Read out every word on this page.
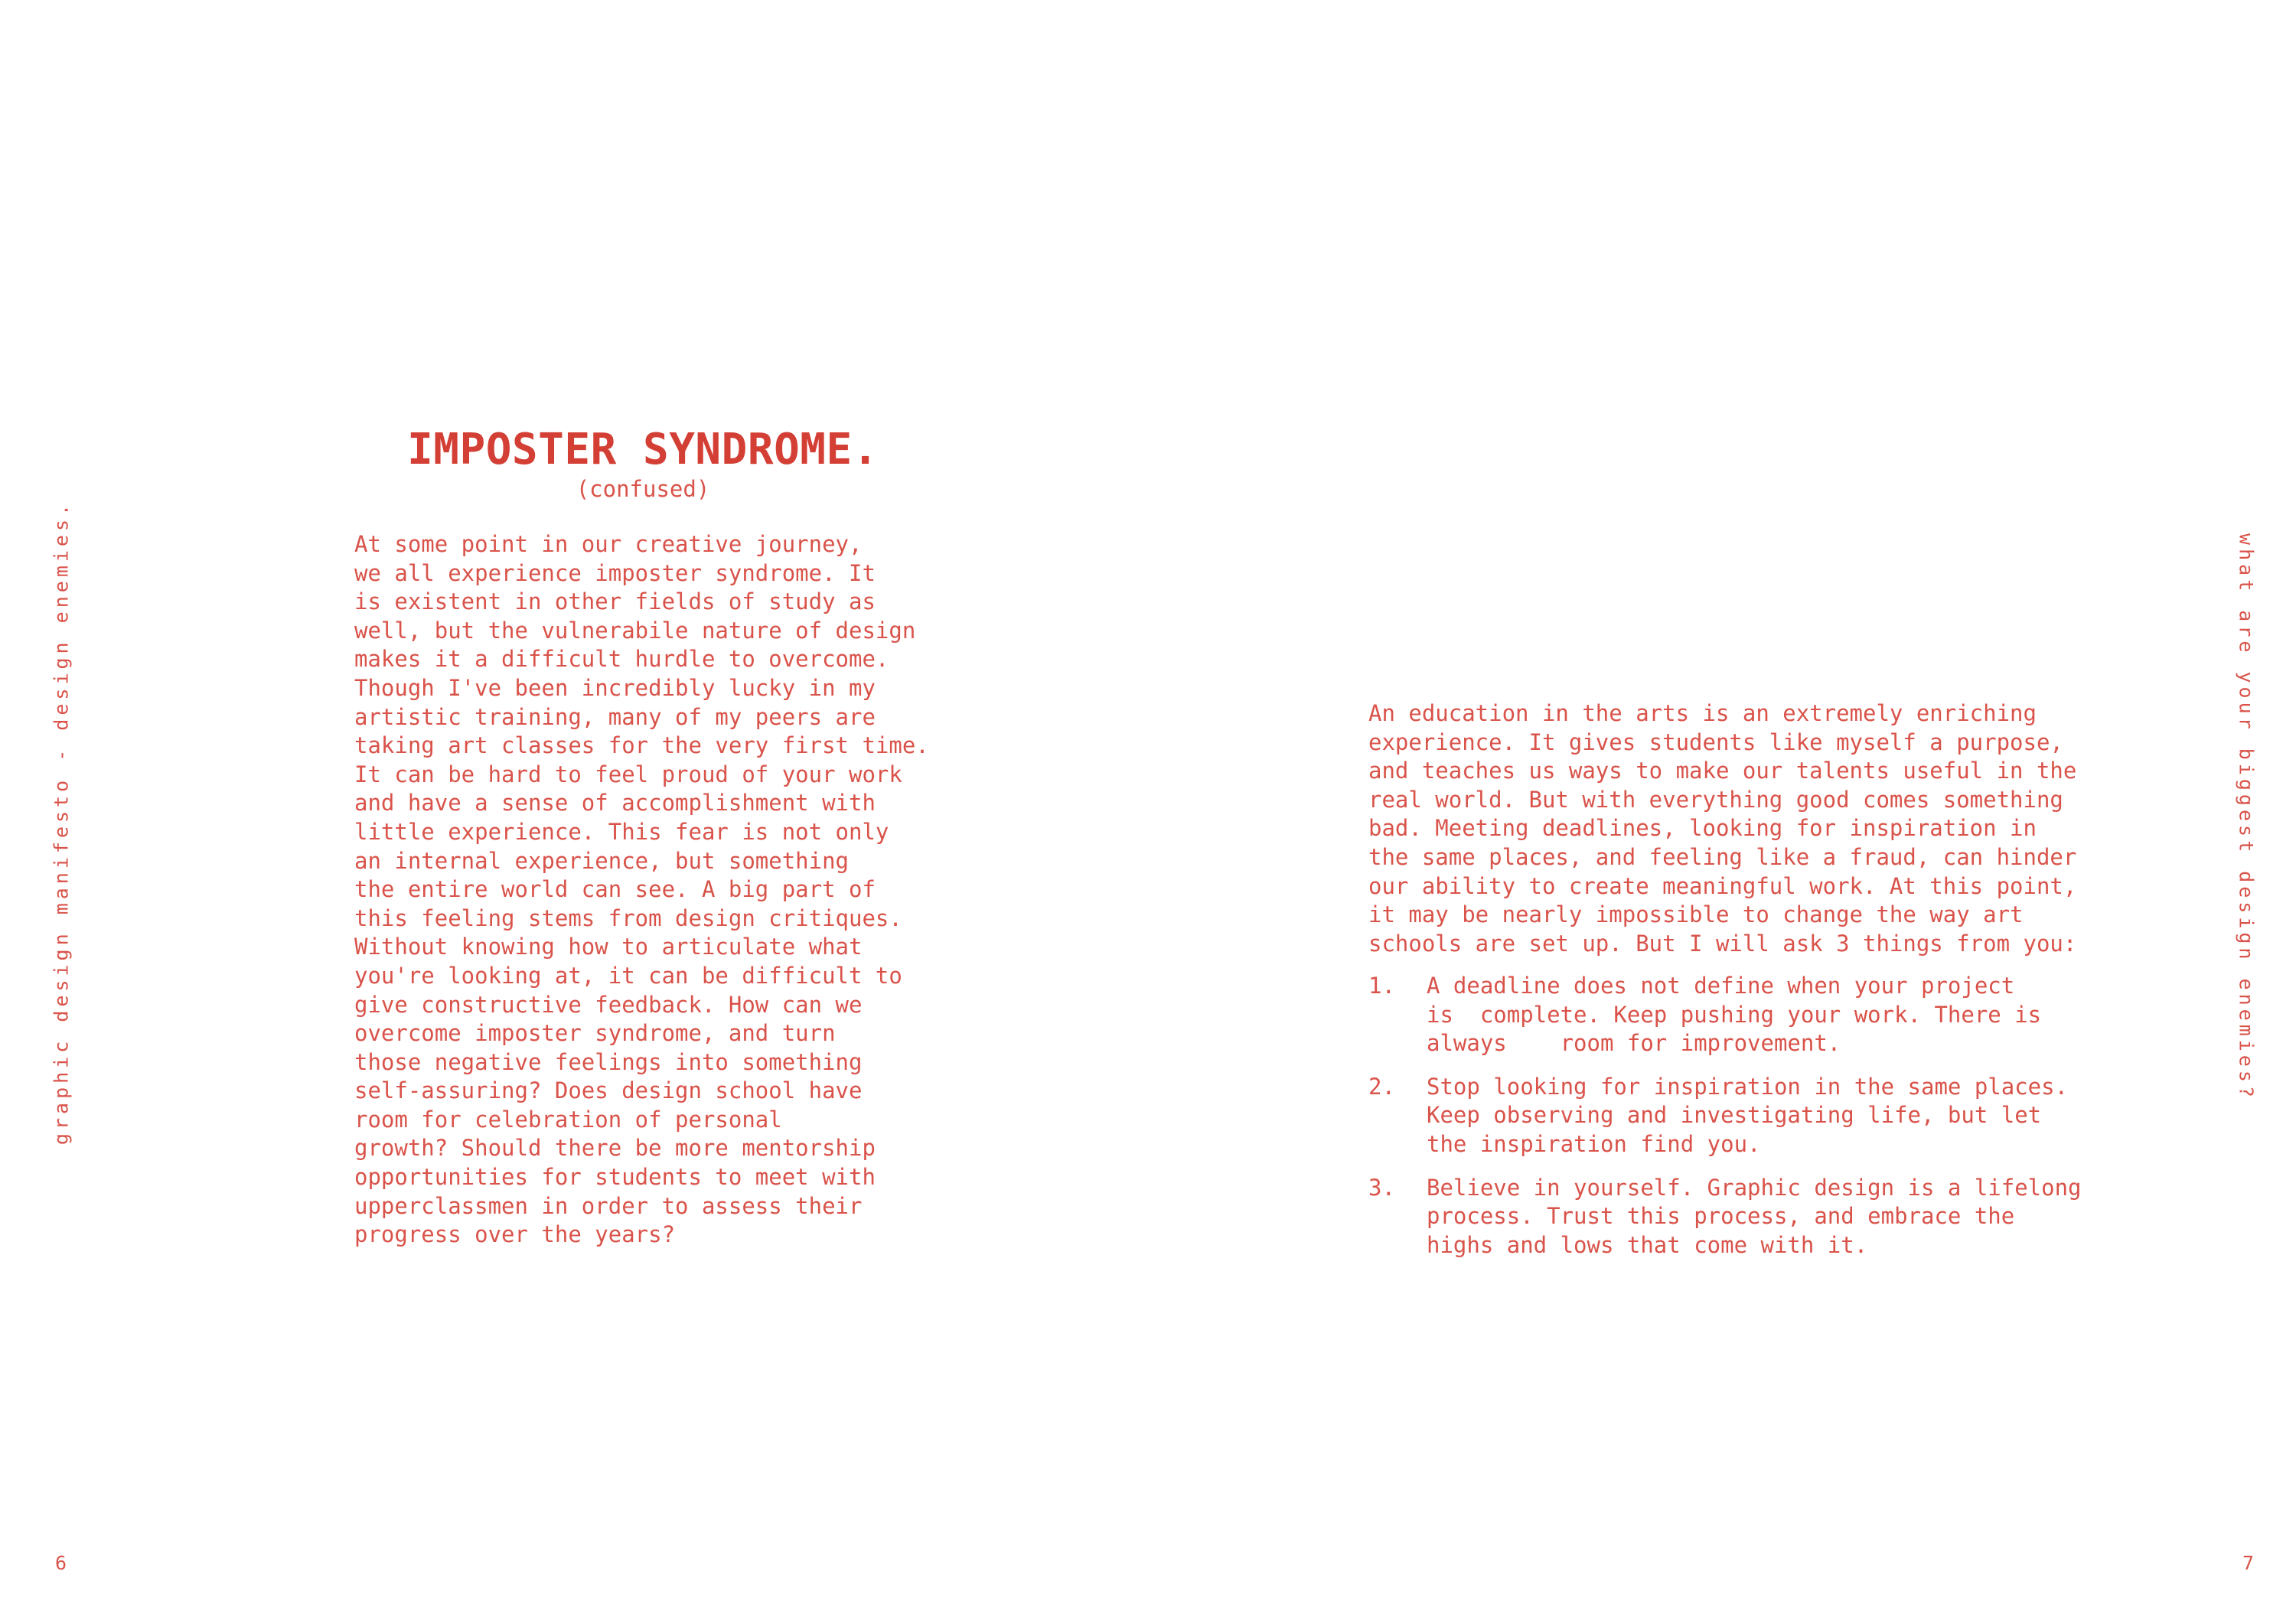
graphic design manifesto - design enemies.
IMPOSTER SYNDROME.
(confused)
At some point in our creative journey,
we all experience imposter syndrome. It
is existent in other fields of study as
well, but the vulnerabile nature of design
makes it a difficult hurdle to overcome.
Though I've been incredibly lucky in my
artistic training, many of my peers are
taking art classes for the very first time.
It can be hard to feel proud of your work
and have a sense of accomplishment with
little experience. This fear is not only
an internal experience, but something
the entire world can see. A big part of
this feeling stems from design critiques.
Without knowing how to articulate what
you're looking at, it can be difficult to
give constructive feedback. How can we
overcome imposter syndrome, and turn
those negative feelings into something
self-assuring? Does design school have
room for celebration of personal
growth? Should there be more mentorship
opportunities for students to meet with
upperclassmen in order to assess their
progress over the years?
6
An education in the arts is an extremely enriching
experience. It gives students like myself a purpose,
and teaches us ways to make our talents useful in the
real world. But with everything good comes something
bad. Meeting deadlines, looking for inspiration in
the same places, and feeling like a fraud, can hinder
our ability to create meaningful work. At this point,
it may be nearly impossible to change the way art
schools are set up. But I will ask 3 things from you:
1. A deadline does not define when your project
is  complete. Keep pushing your work. There is
always    room for improvement.
2. Stop looking for inspiration in the same places.
Keep observing and investigating life, but let
the inspiration find you.
3. Believe in yourself. Graphic design is a lifelong
process. Trust this process, and embrace the
highs and lows that come with it.
what are your biggest design enemies?
7
